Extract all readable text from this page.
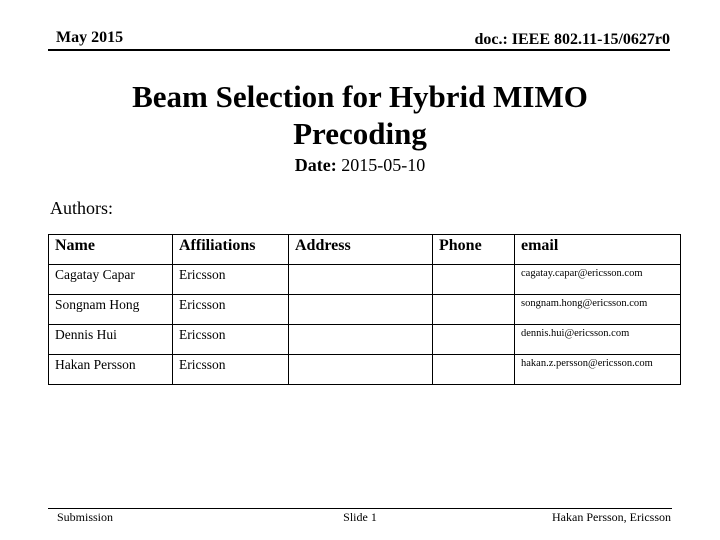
May 2015	doc.: IEEE 802.11-15/0627r0
Beam Selection for Hybrid MIMO
Precoding
Date: 2015-05-10
Authors:
Name	Affiliations	Address	Phone	email
Cagatay Capar	Ericsson			cagatay.capar@ericsson.com
Songnam Hong	Ericsson			songnam.hong@ericsson.com
Dennis Hui	Ericsson			dennis.hui@ericsson.com
Hakan Persson	Ericsson			hakan.z.persson@ericsson.com
Submission	Slide 1	Hakan Persson, Ericsson
